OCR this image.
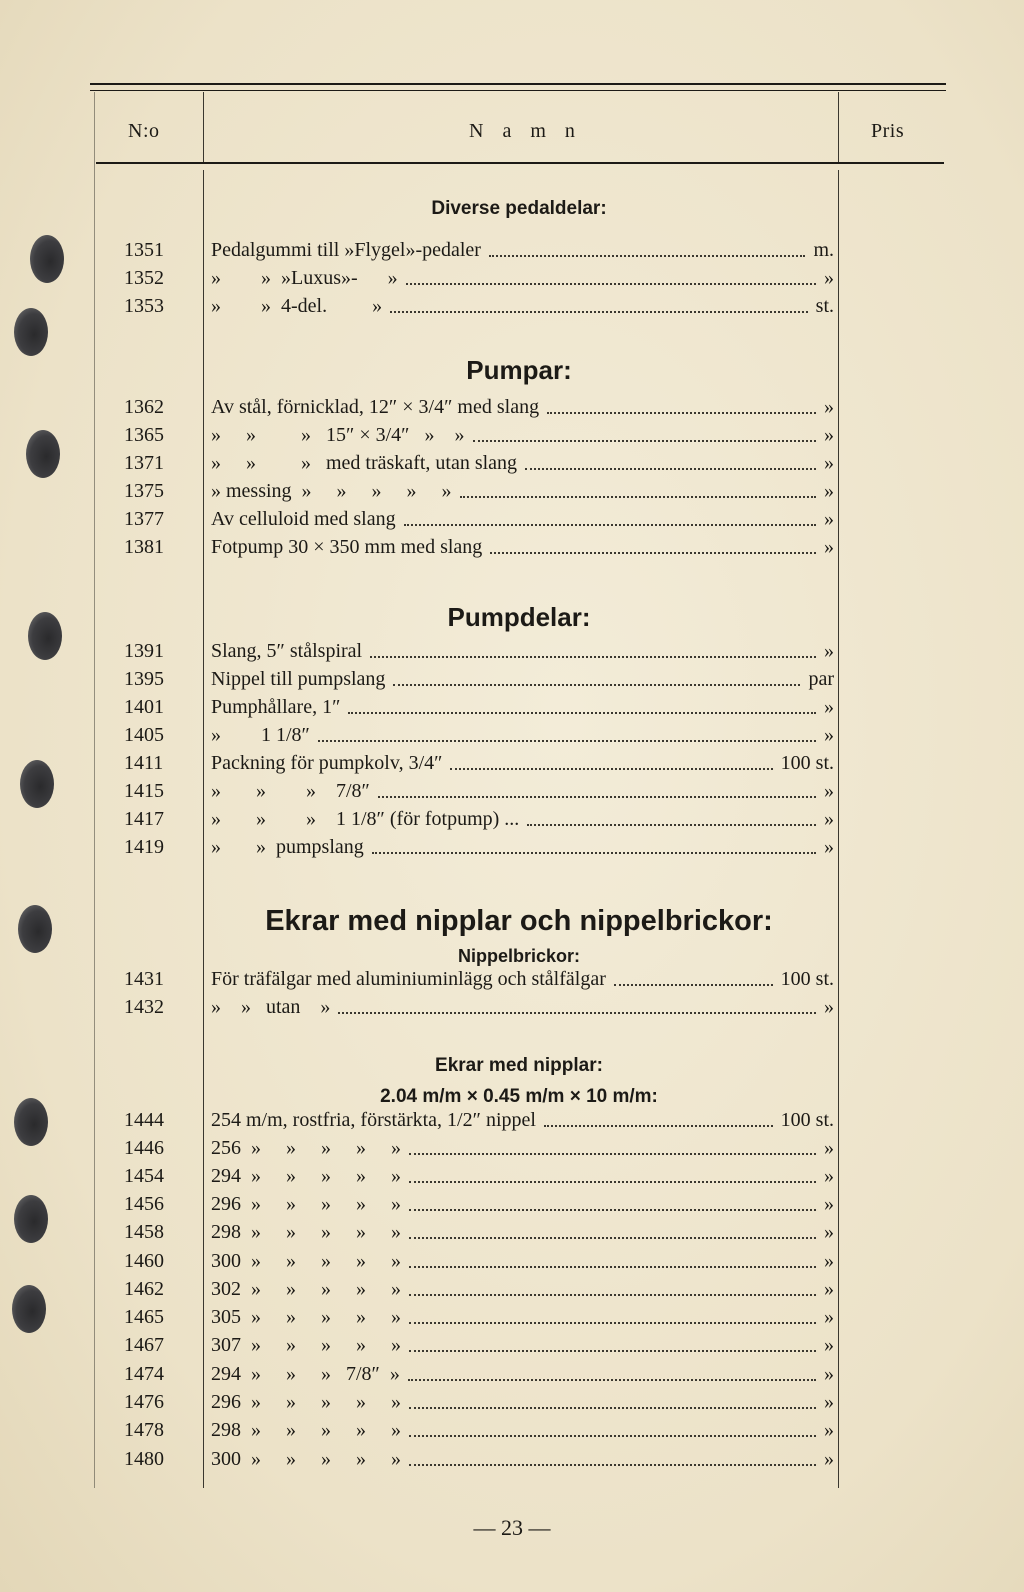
N:o	N a m n	Pris
Diverse pedaldelar:
Pumpar:
Pumpdelar:
Ekrar med nipplar och nippelbrickor:
Nippelbrickor:
Ekrar med nipplar:
2.04 m/m × 0.45 m/m × 10 m/m:
1351	Pedalgummi till »Flygel»-pedaler	m.
1352	»        »  »Luxus»-      »	»
1353	»        »  4-del.         »	st.
1362	Av stål, förnicklad, 12″ × 3/4″ med slang	»
1365	»     »         »   15″ × 3/4″   »    »	»
1371	»     »         »   med träskaft, utan slang	»
1375	» messing  »     »     »     »     »	»
1377	Av celluloid med slang	»
1381	Fotpump 30 × 350 mm med slang	»
1391	Slang, 5″ stålspiral	»
1395	Nippel till pumpslang	par
1401	Pumphållare, 1″	»
1405	»        1 1/8″	»
1411	Packning för pumpkolv, 3/4″	100 st.
1415	»       »        »    7/8″	»
1417	»       »        »    1 1/8″ (för fotpump) ...	»
1419	»       »  pumpslang	»
1431	För träfälgar med aluminiuminlägg och stålfälgar	100 st.
1432	»    »   utan    »	»
1444	254 m/m, rostfria, förstärkta, 1/2″ nippel	100 st.
1446	256  »     »     »     »     »	»
1454	294  »     »     »     »     »	»
1456	296  »     »     »     »     »	»
1458	298  »     »     »     »     »	»
1460	300  »     »     »     »     »	»
1462	302  »     »     »     »     »	»
1465	305  »     »     »     »     »	»
1467	307  »     »     »     »     »	»
1474	294  »     »     »   7/8″  »	»
1476	296  »     »     »     »     »	»
1478	298  »     »     »     »     »	»
1480	300  »     »     »     »     »	»
— 23 —
